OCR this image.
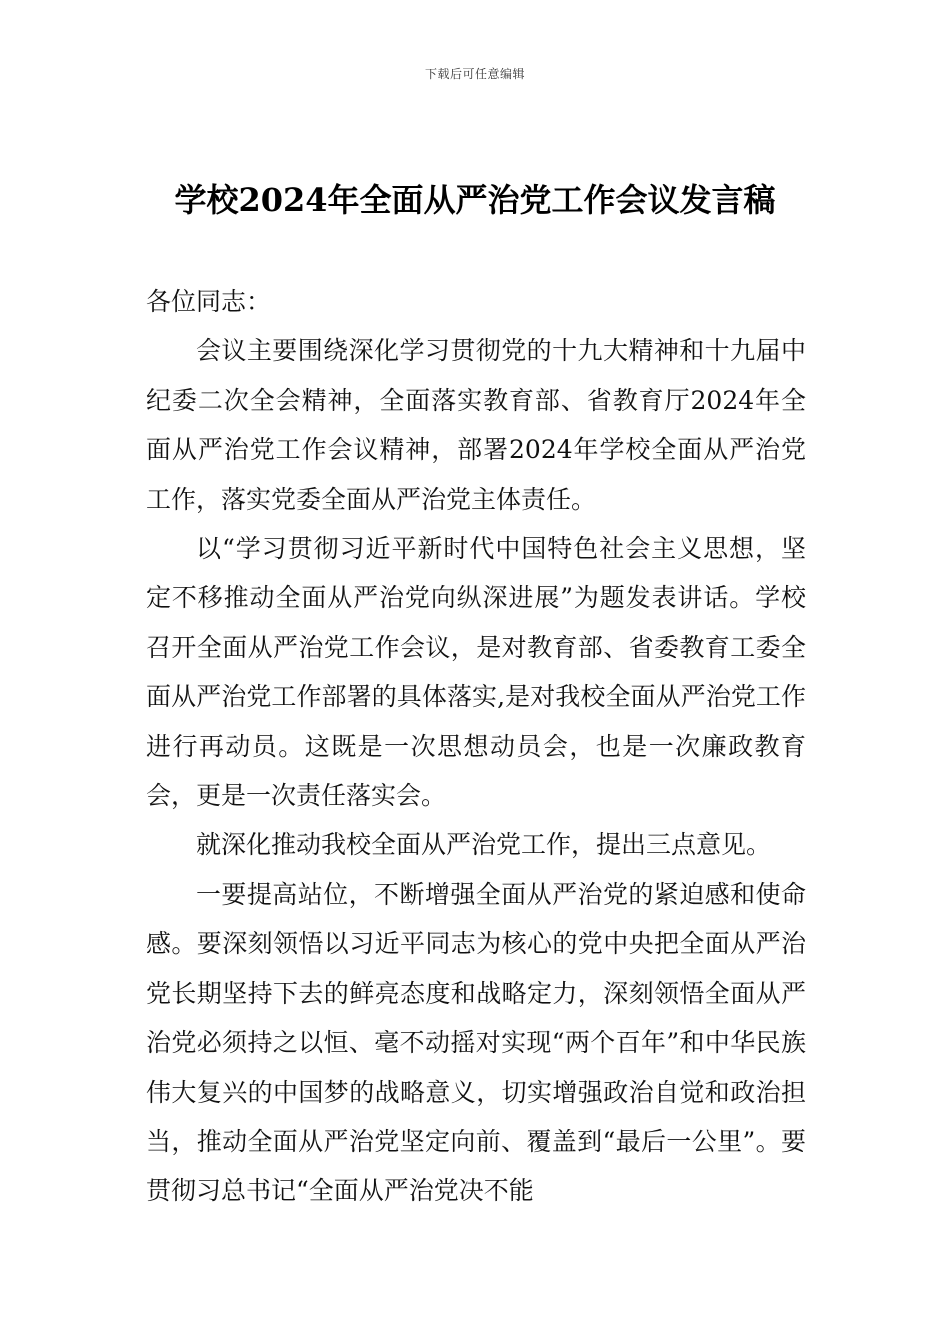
下载后可任意编辑
学校2024年全面从严治党工作会议发言稿

各位同志：

会议主要围绕深化学习贯彻党的十九大精神和十九届中纪委二次全会精神，全面落实教育部、省教育厅2024年全面从严治党工作会议精神，部署2024年学校全面从严治党工作，落实党委全面从严治党主体责任。

以“学习贯彻习近平新时代中国特色社会主义思想，坚定不移推动全面从严治党向纵深进展”为题发表讲话。学校召开全面从严治党工作会议，是对教育部、省委教育工委全面从严治党工作部署的具体落实,是对我校全面从严治党工作进行再动员。这既是一次思想动员会，也是一次廉政教育会，更是一次责任落实会。

就深化推动我校全面从严治党工作，提出三点意见。

一要提高站位，不断增强全面从严治党的紧迫感和使命感。要深刻领悟以习近平同志为核心的党中央把全面从严治党长期坚持下去的鲜亮态度和战略定力，深刻领悟全面从严治党必须持之以恒、毫不动摇对实现“两个百年”和中华民族伟大复兴的中国梦的战略意义，切实增强政治自觉和政治担当，推动全面从严治党坚定向前、覆盖到“最后一公里”。要贯彻习总书记“全面从严治党决不能
